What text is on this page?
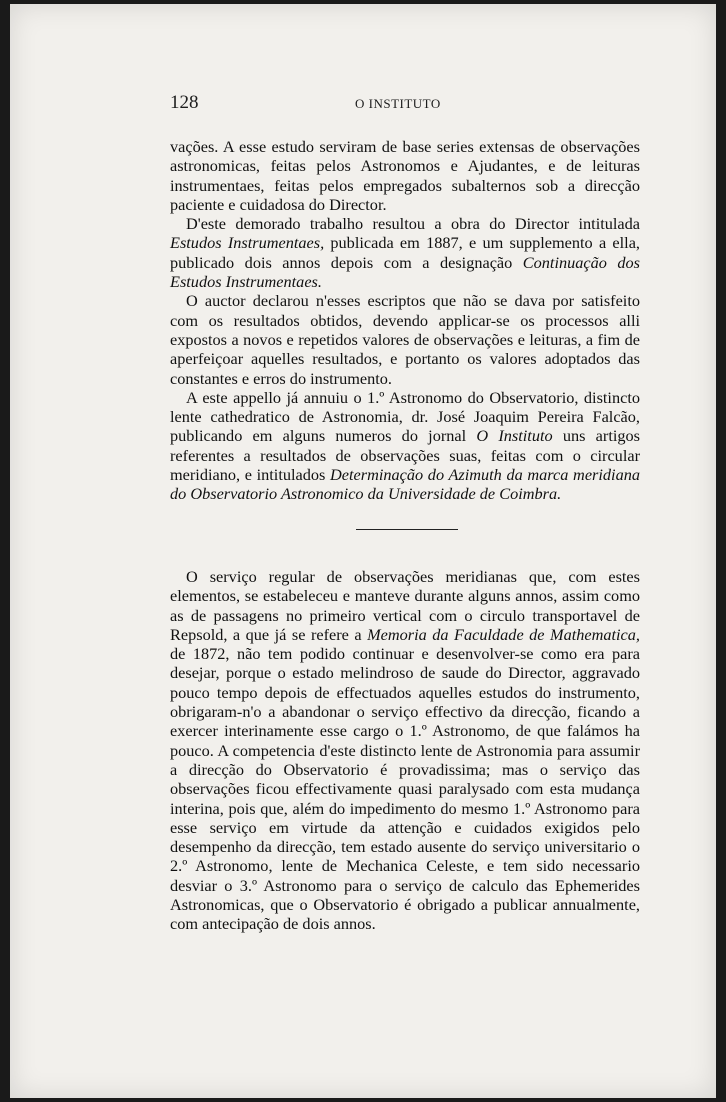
128	O INSTITUTO

vações. A esse estudo serviram de base series extensas de observações astronomicas, feitas pelos Astronomos e Ajudantes, e de leituras instrumentaes, feitas pelos empregados subalternos sob a direcção paciente e cuidadosa do Director.

D'este demorado trabalho resultou a obra do Director intitulada Estudos Instrumentaes, publicada em 1887, e um supplemento a ella, publicado dois annos depois com a designação Continuação dos Estudos Instrumentaes.

O auctor declarou n'esses escriptos que não se dava por satisfeito com os resultados obtidos, devendo applicar-se os processos alli expostos a novos e repetidos valores de observações e leituras, a fim de aperfeiçoar aquelles resultados, e portanto os valores adoptados das constantes e erros do instrumento.

A este appello já annuiu o 1.º Astronomo do Observatorio, distincto lente cathedratico de Astronomia, dr. José Joaquim Pereira Falcão, publicando em alguns numeros do jornal O Instituto uns artigos referentes a resultados de observações suas, feitas com o circular meridiano, e intitulados Determinação do Azimuth da marca meridiana do Observatorio Astronomico da Universidade de Coimbra.

O serviço regular de observações meridianas que, com estes elementos, se estabeleceu e manteve durante alguns annos, assim como as de passagens no primeiro vertical com o circulo transportavel de Repsold, a que já se refere a Memoria da Faculdade de Mathematica, de 1872, não tem podido continuar e desenvolver-se como era para desejar, porque o estado melindroso de saude do Director, aggravado pouco tempo depois de effectuados aquelles estudos do instrumento, obrigaram-n'o a abandonar o serviço effectivo da direcção, ficando a exercer interinamente esse cargo o 1.º Astronomo, de que falámos ha pouco. A competencia d'este distincto lente de Astronomia para assumir a direcção do Observatorio é provadissima; mas o serviço das observações ficou effectivamente quasi paralysado com esta mudança interina, pois que, além do impedimento do mesmo 1.º Astronomo para esse serviço em virtude da attenção e cuidados exigidos pelo desempenho da direcção, tem estado ausente do serviço universitario o 2.º Astronomo, lente de Mechanica Celeste, e tem sido necessario desviar o 3.º Astronomo para o serviço de calculo das Ephemerides Astronomicas, que o Observatorio é obrigado a publicar annualmente, com antecipação de dois annos.
